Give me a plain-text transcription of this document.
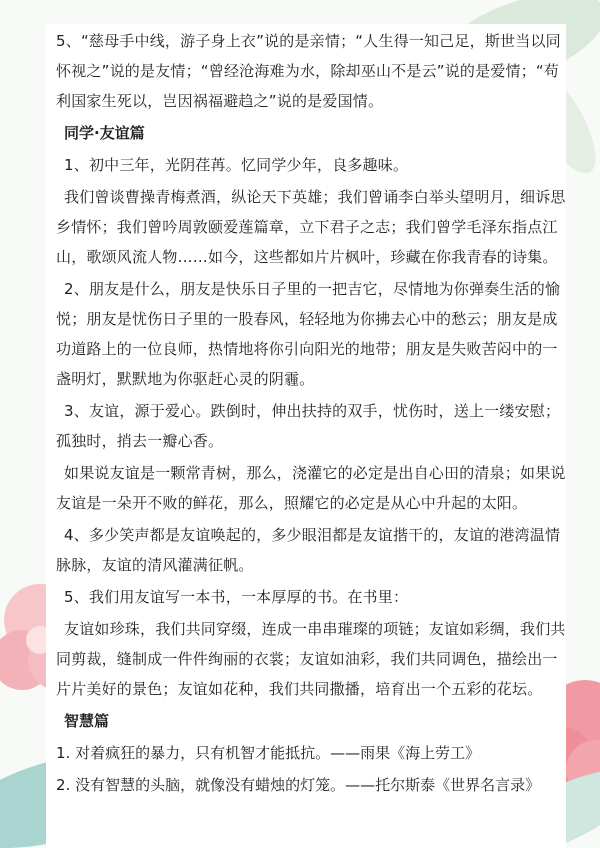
5、“慈母手中线，游子身上衣”说的是亲情；“人生得一知己足，斯世当以同怀视之”说的是友情；“曾经沧海难为水，除却巫山不是云”说的是爱情；“苟利国家生死以，岂因祸福避趋之”说的是爱国情。

同学·友谊篇

1、初中三年，光阴荏苒。忆同学少年，良多趣味。

我们曾谈曹操青梅煮酒，纵论天下英雄；我们曾诵李白举头望明月，细诉思乡情怀；我们曾吟周敦颐爱莲篇章，立下君子之志；我们曾学毛泽东指点江山，歌颂风流人物……如今，这些都如片片枫叶，珍藏在你我青春的诗集。

2、朋友是什么，朋友是快乐日子里的一把吉它，尽情地为你弹奏生活的愉悦；朋友是忧伤日子里的一股春风，轻轻地为你拂去心中的愁云；朋友是成功道路上的一位良师，热情地将你引向阳光的地带；朋友是失败苦闷中的一盏明灯，默默地为你驱赶心灵的阴霾。

3、友谊，源于爱心。跌倒时，伸出扶持的双手，忧伤时，送上一缕安慰；孤独时，捎去一瓣心香。

如果说友谊是一颗常青树，那么，浇灌它的必定是出自心田的清泉；如果说友谊是一朵开不败的鲜花，那么，照耀它的必定是从心中升起的太阳。

4、多少笑声都是友谊唤起的，多少眼泪都是友谊揩干的，友谊的港湾温情脉脉，友谊的清风灌满征帆。

5、我们用友谊写一本书，一本厚厚的书。在书里：

友谊如珍珠，我们共同穿缀，连成一串串璀璨的项链；友谊如彩绸，我们共同剪裁，缝制成一件件绚丽的衣裳；友谊如油彩，我们共同调色，描绘出一片片美好的景色；友谊如花种，我们共同撒播，培育出一个五彩的花坛。

智慧篇
1. 对着疯狂的暴力，只有机智才能抵抗。——雨果《海上劳工》
2. 没有智慧的头脑，就像没有蜡烛的灯笼。——托尔斯泰《世界名言录》
